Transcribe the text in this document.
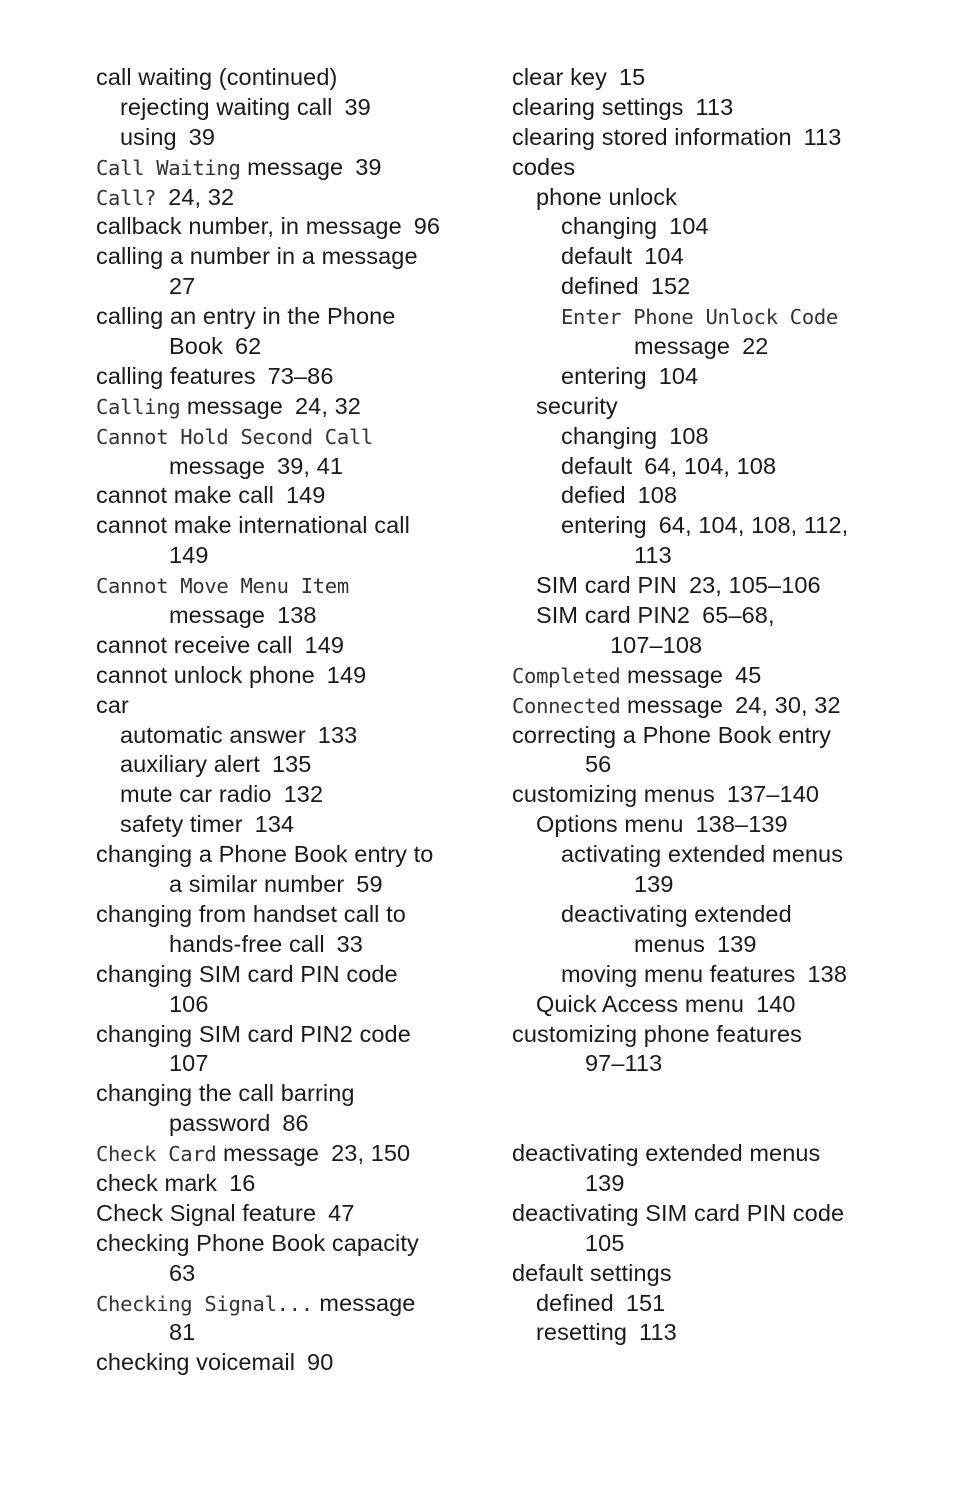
call waiting (continued)
rejecting waiting call 39
using 39
Call Waiting message 39
Call? 24, 32
callback number, in message 96
calling a number in a message
27
calling an entry in the Phone
Book 62
calling features 73–86
Calling message 24, 32
Cannot Hold Second Call
message 39, 41
cannot make call 149
cannot make international call
149
Cannot Move Menu Item
message 138
cannot receive call 149
cannot unlock phone 149
car
automatic answer 133
auxiliary alert 135
mute car radio 132
safety timer 134
changing a Phone Book entry to
a similar number 59
changing from handset call to
hands-free call 33
changing SIM card PIN code
106
changing SIM card PIN2 code
107
changing the call barring
password 86
Check Card message 23, 150
check mark 16
Check Signal feature 47
checking Phone Book capacity
63
Checking Signal... message
81
checking voicemail 90
clear key 15
clearing settings 113
clearing stored information 113
codes
phone unlock
changing 104
default 104
defined 152
Enter Phone Unlock Code
message 22
entering 104
security
changing 108
default 64, 104, 108
defied 108
entering 64, 104, 108, 112,
113
SIM card PIN 23, 105–106
SIM card PIN2 65–68,
107–108
Completed message 45
Connected message 24, 30, 32
correcting a Phone Book entry
56
customizing menus 137–140
Options menu 138–139
activating extended menus
139
deactivating extended
menus 139
moving menu features 138
Quick Access menu 140
customizing phone features
97–113
deactivating extended menus
139
deactivating SIM card PIN code
105
default settings
defined 151
resetting 113
